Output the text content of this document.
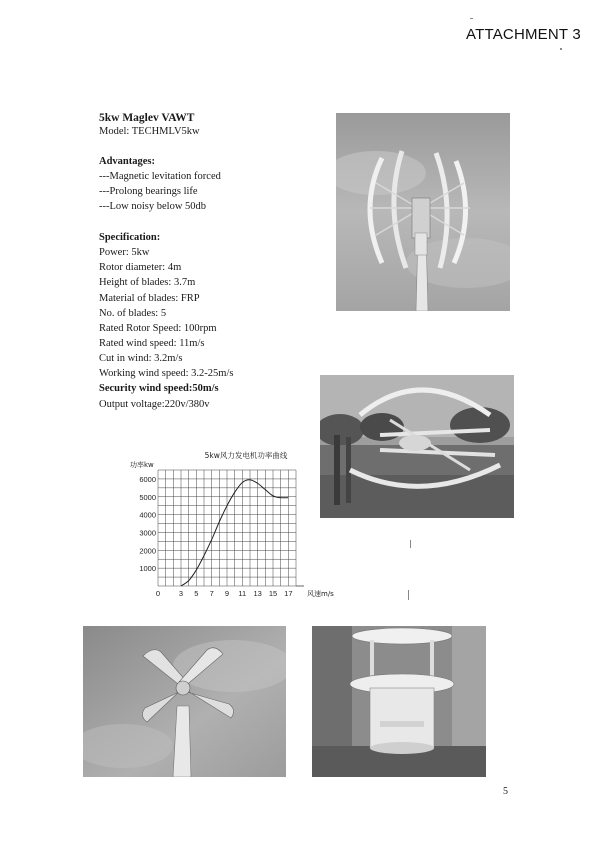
ATTACHMENT 3
5kw Maglev VAWT
Model: TECHMLV5kw
Advantages:
---Magnetic levitation forced
---Prolong bearings life
---Low noisy below 50db
Specification:
Power: 5kw
Rotor diameter: 4m
Height of blades: 3.7m
Material of blades: FRP
No. of blades: 5
Rated Rotor Speed: 100rpm
Rated wind speed: 11m/s
Cut in wind: 3.2m/s
Working wind speed: 3.2-25m/s
Security wind speed:50m/s
Output voltage:220v/380v
5kw风力发电机功率曲线
功率kw
风速m/s
0	3 5 7 9 11 13 15 17
1000
2000
3000
4000
5000
6000
5
